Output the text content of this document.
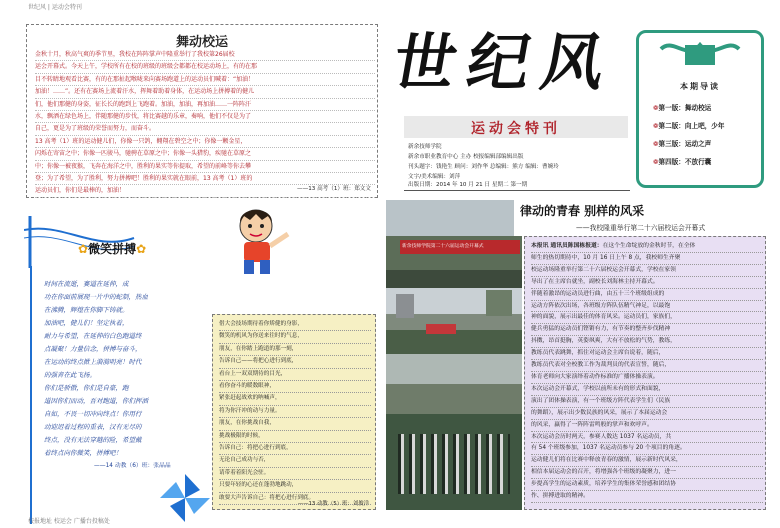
世纪风 | 运动会特刊
舞动校运
金秋十月，秋高气爽的季节里，我校在阵阵掌声中隆重举行了我校第26届校
运会开幕式。今天上午，学校所有在校的班级的班级会都都在校运动场上，有的在那
目不转睛地观看比赛，有的在那扯起喉咙来向赛场跑道上的运动员们喊着：“加油！
加油！……”。还有在赛场上流着汗水，挥舞着助着身体，在运动场上拼搏着的健儿
们，他们那健的身姿，征长长的跑到上飞跑着。加油，加油，再加油……一阵阵汗
水，飘洒在绿色场上，伴随那健的步伐，将比赛越的乐章，奏响，他们不仅是为了
自己，更是为了班级的荣誉而努力，而奋斗。
13 高考（1）班的运动健儿们，你像一只鸽，翱翔在碧空之中；你像一颗金星，
闪烁在寄宙之中；你像一匹骏马，驰骋在草原之中；你像一头猎豹，疾驰在草原之
中；你像一被夜猴，飞奔在海洋之中，胜利的果实等你提取，希望的前峰等你去攀
登；为了希望，为了胜利，努力拼搏吧！胜利的果实就在眼前，13 高考（1）班的
运动员们，你们是最棒的，加油！	——13 高考（1）班：郑文文
世纪风
运动会特刊
新余技师学院
新余市职业教育中心 主办 校报编辑部编辑出版
刊头题字：钱艳生 顾问：刘作华 总编辑：熊方 编辑：曹婉玲
文字/美术编辑：刘萍
出版日期：2014 年 10 月 21 日 星期二 第一期
本期导读
❁第一版：舞动校运
❁第二版：向上吧，少年
❁第三版：运动之声
❁第四版：不放行囊
✿微笑拼搏✿
时间在流逝，赛道在延伸，成
功在你面前展现一片中的蛇制，热血
在沸腾，辉煌在你脚下铸就。
加油吧，健儿们！坚定执着，
耐力与希望，在延伸的白色跑道终
点凝聚！力量信念，拼搏与奋斗，
在运动的终点掀上漪漪明亮！时代
的强音在此飞扬。
你们是骄傲，你们是自豪，跑
道因你们而动，吾对跑道，你们挥洒
自如，不畏一切冲向终点！你用行
动迎迟着过程的重表，汉有无尽的
终点，没有无法穿越的险，希望戴
着终点向你微笑，拼搏吧！
——14 动教（6）班：张晶晶
借大会技场期待着你矫健的身影，
微笑的机风为你送来往时的气息，
朋友，在你踏上跑道的那一刻，
告诉自己——将把心进行到底，
看台上一双双期待的目光，
看你奋斗的暖数眼神，
紧张赶起战欢的呐喊声，
将为你汗冲的动与力量。
朋友，在你挑战自我，
挑战极限的时候，
告诉自己：将把心进行到底，
无论自己成功与否，
请带着着阳光会驻。
只要年轻的心还在蓬勃地跳动，
敢要大声告诉自己：将把心进行到底。
——13 动教（5）班：刘俊洋
律动的青春 别样的风采
——我校隆重举行第二十六届校运会开幕式
新余技师学院第二十六届运动会开幕式	本报讯 通讯员陈国栋报道：在这个生命绽放的金秋时节，在全体
师生的热切期待中，10 月 16 日上午 8 点，我校师生齐聚
校运动场隆重举行第二十六届校运会开幕式，学校在家领
导出了在主席台就坐，副校长刘海林主持开幕式。
伴随着激昂的运动员进行曲，由五十三个班级组成的
运动方阵依次出场，各班级方阵队伍精气神足，以最饱
神的面貌，展示出最佳的体育风采。运动员们，家族们，
健兵勇猛的运动员们铿锵有力，有节奏的整齐步伐精神
抖擞，昂首挺胸，英姿飒爽，大有不放松的气势，教练，
教练员代表跳舞，抓住对运动会主席台说着，随后，
教练员代表对全校教工作为裁判员的代表宣誓，随后，
体育老师向大家演绎着动作标准的广播体操表演。
本次运动会开幕式，学校以前所未有的形式和面貌，
演出了团体操表演，有一个班级方阵代表学生们（民族
的舞蹈），展示出少数民族的风采，展示了本届运动会
的风采，赢得了一阵阵雷鸣般的掌声和欢呼声。
本次运动会历时两天，参赛人数达 1037 名运动员，共
有 54 个班级参加，1037 名运动员参与 20 个项目的角逐。
运动健儿们将在比赛中释放青春的激情，展示新时代风采，
相信本届运动会的召开，将增强各个班级的凝聚力，进一
步提高学生的运动素质，培养学生的集体荣誉感和团结协
作、拼搏进取的精神。
校报地址 校运会 广播台投稿处
